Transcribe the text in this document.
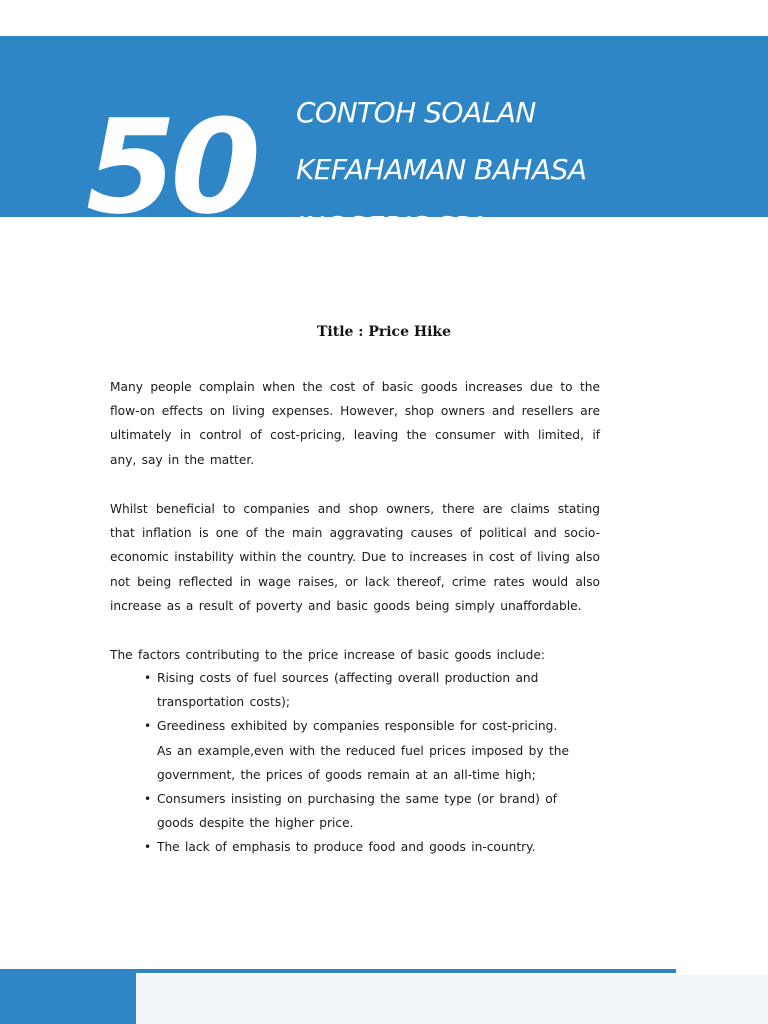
50 CONTOH SOALAN
KEFAHAMAN BAHASA
INGGERIS SPA
Title : Price Hike

Many people complain when the cost of basic goods increases due to the flow-on effects on living expenses. However, shop owners and resellers are ultimately in control of cost-pricing, leaving the consumer with limited, if any, say in the matter.

Whilst beneficial to companies and shop owners, there are claims stating that inflation is one of the main aggravating causes of political and socio-economic instability within the country. Due to increases in cost of living also not being reflected in wage raises, or lack thereof, crime rates would also increase as a result of poverty and basic goods being simply unaffordable.

The factors contributing to the price increase of basic goods include:

• Rising costs of fuel sources (affecting overall production and transportation costs);
• Greediness exhibited by companies responsible for cost-pricing. As an example,even with the reduced fuel prices imposed by the government, the prices of goods remain at an all-time high;
• Consumers insisting on purchasing the same type (or brand) of goods despite the higher price.
• The lack of emphasis to produce food and goods in-country.
